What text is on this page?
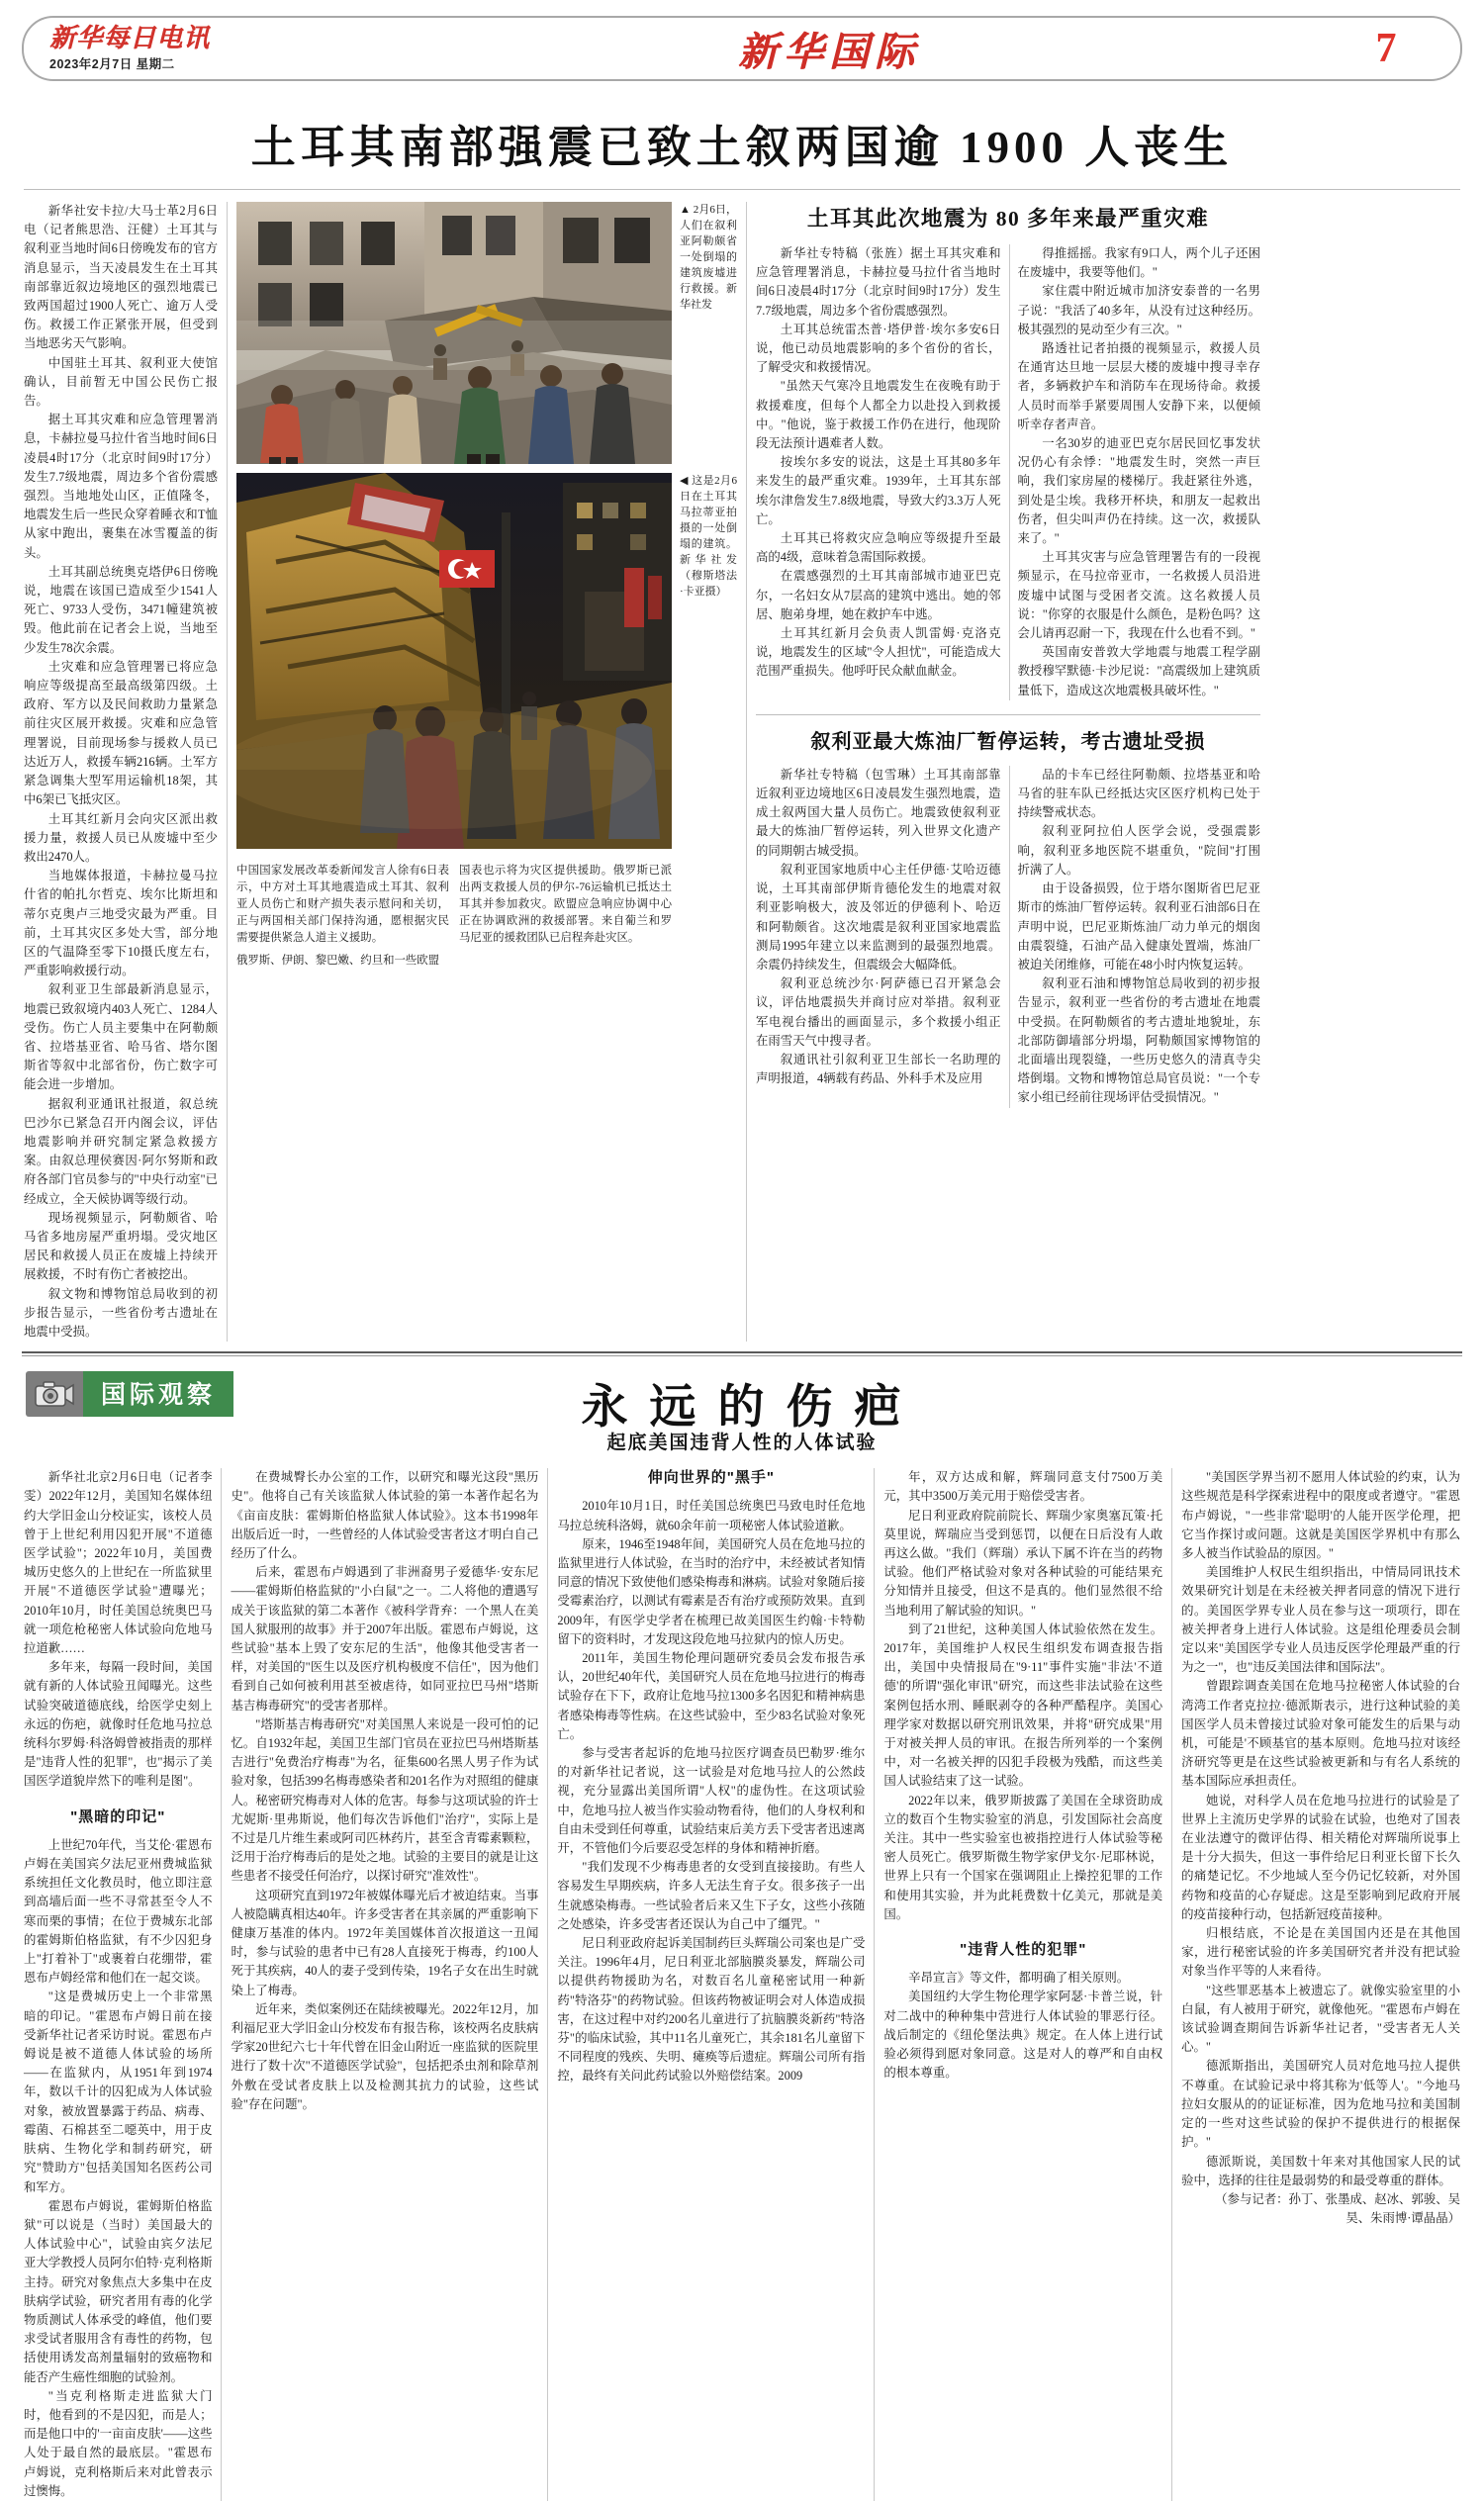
新华每日电讯
2023年2月7日 星期二	新华国际	7
土耳其南部强震已致土叙两国逾 1900 人丧生

新华社安卡拉/大马士革2月6日电（记者熊思浩、汪健）土耳其与叙利亚当地时间6日傍晚发布的官方消息显示，当天凌晨发生在土耳其南部靠近叙边境地区的强烈地震已致两国超过1900人死亡、逾万人受伤。救援工作正紧张开展，但受到当地恶劣天气影响。

中国驻土耳其、叙利亚大使馆确认，目前暂无中国公民伤亡报告。

据土耳其灾难和应急管理署消息，卡赫拉曼马拉什省当地时间6日凌晨4时17分（北京时间9时17分）发生7.7级地震，周边多个省份震感强烈。当地地处山区，正值隆冬，地震发生后一些民众穿着睡衣和T恤从家中跑出，裹集在冰雪覆盖的街头。

土耳其副总统奥克塔伊6日傍晚说，地震在该国已造成至少1541人死亡、9733人受伤，3471幢建筑被毁。他此前在记者会上说，当地至少发生78次余震。

土灾难和应急管理署已将应急响应等级提高至最高级第四级。土政府、军方以及民间救助力量紧急前往灾区展开救援。灾难和应急管理署说，目前现场参与援救人员已达近万人，救援车辆216辆。土军方紧急调集大型军用运输机18架，其中6架已飞抵灾区。

土耳其红新月会向灾区派出救援力量，救援人员已从废墟中至少救出2470人。

当地媒体报道，卡赫拉曼马拉什省的帕扎尔哲克、埃尔比斯坦和蒂尔克奥卢三地受灾最为严重。目前，土耳其灾区多处大雪，部分地区的气温降至零下10摄氏度左右，严重影响救援行动。

叙利亚卫生部最新消息显示，地震已致叙境内403人死亡、1284人受伤。伤亡人员主要集中在阿勒颇省、拉塔基亚省、哈马省、塔尔图斯省等叙中北部省份，伤亡数字可能会进一步增加。

据叙利亚通讯社报道，叙总统巴沙尔已紧急召开内阁会议，评估地震影响并研究制定紧急救援方案。由叙总理侯赛因·阿尔努斯和政府各部门官员参与的"中央行动室"已经成立，全天候协调等级行动。

现场视频显示，阿勒颇省、哈马省多地房屋严重坍塌。受灾地区居民和救援人员正在废墟上持续开展救援，不时有伤亡者被挖出。

叙文物和博物馆总局收到的初步报告显示，一些省份考古遗址在地震中受损。

中国国家发展改革委新闻发言人徐有6日表示，中方对土耳其地震造成土耳其、叙利亚人员伤亡和财产损失表示慰问和关切，正与两国相关部门保持沟通，愿根据灾民需要提供紧急人道主义援助。
国表也示将为灾区提供援助。俄罗斯已派出两支救援人员的伊尔-76运输机已抵达土耳其并参加救灾。欧盟应急响应协调中心正在协调欧洲的救援部署。来自葡兰和罗马尼亚的援救团队已启程奔赴灾区。
俄罗斯、伊朗、黎巴嫩、约旦和一些欧盟
▲ 2月6日，人们在叙利亚阿勒颇省一处倒塌的建筑废墟进行救援。新华社发
◀ 这是2月6日在土耳其马拉蒂亚拍摄的一处倒塌的建筑。新华社发（穆斯塔法·卡亚摄）
土耳其此次地震为 80 多年来最严重灾难

新华社专特稿（张旌）据土耳其灾难和应急管理署消息，卡赫拉曼马拉什省当地时间6日凌晨4时17分（北京时间9时17分）发生7.7级地震，周边多个省份震感强烈。

土耳其总统雷杰普·塔伊普·埃尔多安6日说，他已动员地震影响的多个省份的省长，了解受灾和救援情况。

"虽然天气寒冷且地震发生在夜晚有助于救援难度，但每个人都全力以赴投入到救援中。"他说，鉴于救援工作仍在进行，他现阶段无法预计遇难者人数。

按埃尔多安的说法，这是土耳其80多年来发生的最严重灾难。1939年，土耳其东部埃尔津詹发生7.8级地震，导致大约3.3万人死亡。

土耳其已将救灾应急响应等级提升至最高的4级，意味着急需国际救援。

在震感强烈的土耳其南部城市迪亚巴克尔，一名妇女从7层高的建筑中逃出。她的邻居、胞弟身埋，她在救护车中逃。

土耳其红新月会负责人凯雷姆·克洛克说，地震发生的区域"令人担忧"，可能造成大范围严重损失。他呼吁民众献血献金。

得推摇摇。我家有9口人，两个儿子还困在废墟中，我要等他们。"

家住震中附近城市加济安泰普的一名男子说："我活了40多年，从没有过这种经历。极其强烈的晃动至少有三次。"

路透社记者拍摄的视频显示，救援人员在通宵达旦地一层层大楼的废墟中搜寻幸存者，多辆救护车和消防车在现场待命。救援人员时而举手紧要周围人安静下来，以便倾听幸存者声音。

一名30岁的迪亚巴克尔居民回忆事发状况仍心有余悸："地震发生时，突然一声巨响，我们家房屋的楼梯厅。我赶紧往外逃，到处是尘埃。我移开杯块，和朋友一起救出伤者，但尖叫声仍在持续。这一次，救援队来了。"

土耳其灾害与应急管理署告有的一段视频显示，在马拉帝亚市，一名救援人员沿进废墟中试图与受困者交流。这名救援人员说："你穿的衣服是什么颜色，是粉色吗？这会儿请再忍耐一下，我现在什么也看不到。"

英国南安普敦大学地震与地震工程学副教授穆罕默德·卡沙尼说："高震级加上建筑质量低下，造成这次地震极具破坏性。"

叙利亚最大炼油厂暂停运转，考古遗址受损

新华社专特稿（包雪琳）土耳其南部靠近叙利亚边境地区6日凌晨发生强烈地震，造成土叙两国大量人员伤亡。地震致使叙利亚最大的炼油厂暂停运转，列入世界文化遗产的同期朝古城受损。

叙利亚国家地质中心主任伊德·艾哈迈德说，土耳其南部伊斯肯德伦发生的地震对叙利亚影响极大，波及邻近的伊德利卜、哈迈和阿勒颇省。这次地震是叙利亚国家地震监测局1995年建立以来监测到的最强烈地震。余震仍持续发生，但震级会大幅降低。

叙利亚总统沙尔·阿萨德已召开紧急会议，评估地震损失并商讨应对举措。叙利亚军电视台播出的画面显示，多个救援小组正在雨雪天气中搜寻者。

叙通讯社引叙利亚卫生部长一名助理的声明报道，4辆载有药品、外科手术及应用

品的卡车已经往阿勒颇、拉塔基亚和哈马省的驻车队已经抵达灾区医疗机构已处于持续警戒状态。

叙利亚阿拉伯人医学会说，受强震影响，叙利亚多地医院不堪重负，"院间"打围折满了人。

由于设备损毁，位于塔尔图斯省巴尼亚斯市的炼油厂暂停运转。叙利亚石油部6日在声明中说，巴尼亚斯炼油厂动力单元的烟囱由震裂缝，石油产品入健康处置端，炼油厂被迫关闭维修，可能在48小时内恢复运转。

叙利亚石油和博物馆总局收到的初步报告显示，叙利亚一些省份的考古遗址在地震中受损。在阿勒颇省的考古遗址地貌址，东北部防御墙部分坍塌，阿勒颇国家博物馆的北面墙出现裂缝，一些历史悠久的清真寺尖塔倒塌。文物和博物馆总局官员说："一个专家小组已经前往现场评估受损情况。"

国际观察	永远的伤疤
起底美国违背人性的人体试验

新华社北京2月6日电（记者李雯）2022年12月，美国知名媒体纽约大学旧金山分校证实，该校人员曾于上世纪利用囚犯开展"不道德医学试验"；2022年10月，美国费城历史悠久的上世纪在一所监狱里开展"不道德医学试验"遭曝光；2010年10月，时任美国总统奥巴马就一项危枪秘密人体试验向危地马拉道歉……

多年来，每隔一段时间，美国就有新的人体试验丑闻曝光。这些试验突破道德底线，给医学史刻上永远的伤疤，就像时任危地马拉总统科尔罗姆·科洛姆曾被指责的那样是"违背人性的犯罪"，也"揭示了美国医学道貌岸然下的唯利是图"。

"黑暗的印记"

上世纪70年代，当艾伦·霍恩布卢姆在美国宾夕法尼亚州费城监狱系统担任文化教员时，他立即注意到高墙后面一些不寻常甚至令人不寒而栗的事情；在位于费城东北部的霍姆斯伯格监狱，有不少囚犯身上"打着补丁"或裹着白花绷带，霍恩布卢姆经常和他们在一起交谈。

"这是费城历史上一个非常黑暗的印记。"霍恩布卢姆日前在接受新华社记者采访时说。霍恩布卢姆说是被不道德人体试验的场所——在监狱内，从1951年到1974年，数以千计的囚犯成为人体试验对象，被放置暴露于药品、病毒、霉菌、石棉甚至二噁英中，用于皮肤病、生物化学和制药研究，研究"赞助方"包括美国知名医药公司和军方。

霍恩布卢姆说，霍姆斯伯格监狱"可以说是（当时）美国最大的人体试验中心"，试验由宾夕法尼亚大学教授人员阿尔伯特·克利格斯主持。研究对象焦点大多集中在皮肤病学试验，研究者用有毒的化学物质测试人体承受的峰值，他们要求受试者服用含有毒性的药物，包括使用诱发高剂量辐射的致癌物和能否产生癌性细胞的试验剂。

"当克利格斯走进监狱大门时，他看到的不是囚犯，而是人；而是他口中的'一亩亩皮肤'——这些人处于最自然的最底层。"霍恩布卢姆说，克利格斯后来对此曾表示过懊悔。

在费城臀长办公室的工作，以研究和曝光这段"黑历史"。他将自己有关该监狱人体试验的第一本著作起名为《亩亩皮肤：霍姆斯伯格监狱人体试验》。这本书1998年出版后近一时，一些曾经的人体试验受害者这才明白自己经历了什么。

后来，霍恩布卢姆遇到了非洲裔男子爱德华·安东尼——霍姆斯伯格监狱的"小白鼠"之一。二人将他的遭遇写成关于该监狱的第二本著作《被科学背弃：一个黑人在美国人狱服刑的故事》并于2007年出版。霍恩布卢姆说，这些试验"基本上毁了安东尼的生活"，他像其他受害者一样，对美国的"医生以及医疗机构极度不信任"，因为他们看到自己如何被利用甚至被虐待，如同亚拉巴马州"塔斯基吉梅毒研究"的受害者那样。

"塔斯基吉梅毒研究"对美国黑人来说是一段可怕的记忆。自1932年起，美国卫生部门官员在亚拉巴马州塔斯基吉进行"免费治疗梅毒"为名，征集600名黑人男子作为试验对象，包括399名梅毒感染者和201名作为对照组的健康人。秘密研究梅毒对人体的危害。每参与这项试验的许士尤妮斯·里弗斯说，他们每次告诉他们"治疗"，实际上是不过是几片维生素或阿司匹林药片，甚至含青霉素颗粒，泛用于治疗梅毒后的是处之地。试验的主要目的就是让这些患者不接受任何治疗，以探讨研究"准效性"。

这项研究直到1972年被媒体曝光后才被迫结束。当事人被隐瞒真相达40年。许多受害者在其亲属的严重影响下健康万基准的体内。1972年美国媒体首次报道这一丑闻时，参与试验的患者中已有28人直接死于梅毒，约100人死于其疾病，40人的妻子受到传染，19名子女在出生时就染上了梅毒。

近年来，类似案例还在陆续被曝光。2022年12月，加利福尼亚大学旧金山分校发布有报告称，该校两名皮肤病学家20世纪六七十年代曾在旧金山附近一座监狱的医院里进行了数十次"不道德医学试验"，包括把杀虫剂和除草剂外敷在受试者皮肤上以及检测其抗力的试验，这些试验"存在问题"。

伸向世界的"黑手"

2010年10月1日，时任美国总统奥巴马致电时任危地马拉总统科洛姆，就60余年前一项秘密人体试验道歉。

原来，1946至1948年间，美国研究人员在危地马拉的监狱里进行人体试验，在当时的治疗中，未经被试者知情同意的情况下致使他们感染梅毒和淋病。试验对象随后接受霉素治疗，以测试有霉素是否有治疗或预防效果。直到2009年，有医学史学者在梳理已故美国医生约翰·卡特勒留下的资料时，才发现这段危地马拉狱内的惊人历史。

2011年，美国生物伦理问题研究委员会发布报告承认，20世纪40年代，美国研究人员在危地马拉进行的梅毒试验存在下下，政府让危地马拉1300多名因犯和精神病患者感染梅毒等性病。在这些试验中，至少83名试验对象死亡。

参与受害者起诉的危地马拉医疗调查员巴勒罗·维尔的对新华社记者说，这一试验是对危地马拉人的公然歧视，充分显露出美国所谓"人权"的虚伪性。在这项试验中，危地马拉人被当作实验动物看待，他们的人身权利和自由未受到任何尊重，试验结束后美方丢下受害者迅速离开，不管他们今后要忍受怎样的身体和精神折磨。

"我们发现不少梅毒患者的女受到直接接助。有些人容易发生早期疾病，许多人无法生育子女。很多孩子一出生就感染梅毒。一些试验者后来又生下子女，这些小孩随之处感染，许多受害者还误认为自己中了缰咒。"

尼日利亚政府起诉美国制药巨头辉瑞公司案也是广受关注。1996年4月，尼日利亚北部脑膜炎暴发，辉瑞公司以提供药物援助为名，对数百名儿童秘密试用一种新药"特洛芬"的药物试验。但该药物被证明会对人体造成损害，在这过程中对约200名儿童进行了抗脑膜炎新药"特洛芬"的临床试验，其中11名儿童死亡，其余181名儿童留下不同程度的残疾、失明、瘫痪等后遗症。辉瑞公司所有指控，最终有关问此药试验以外赔偿结案。2009

年，双方达成和解，辉瑞同意支付7500万美元，其中3500万美元用于赔偿受害者。

尼日利亚政府院前院长、辉瑞少家奥塞瓦策·托莫里说，辉瑞应当受到惩罚，以便在日后没有人敢再这么做。"我们（辉瑞）承认下属不许在当的药物试验。他们严格试验对象对各种试验的可能结果充分知情并且接受，但这不是真的。他们显然很不给当地利用了解试验的知识。"

到了21世纪，这种美国人体试验依然在发生。2017年，美国维护人权民生组织发布调查报告指出，美国中央情报局在"9·11"事件实施"非法'不道德'的所谓"强化审讯"研究，而这些非法试验在这些案例包括水刑、睡眠剥夺的各种严酷程序。美国心理学家对数据以研究刑讯效果，并将"研究成果"用于对被关押人员的审讯。在报告所列举的一个案例中，对一名被关押的囚犯手段极为残酷，而这些美国人试验结束了这一试验。

2022年以来，俄罗斯披露了美国在全球资助成立的数百个生物实验室的消息，引发国际社会高度关注。其中一些实验室也被指控进行人体试验等秘密人员死亡。俄罗斯微生物学家伊戈尔·尼耶林说，世界上只有一个国家在强调阻止上操控犯罪的工作和使用其实验，并为此耗费数十亿美元，那就是美国。

"违背人性的犯罪"

辛昂宣言》等文件，都明确了相关原则。

美国纽约大学生物伦理学家阿瑟·卡普兰说，针对二战中的种种集中营进行人体试验的罪恶行径。战后制定的《纽伦堡法典》规定。在人体上进行试验必须得到愿对象同意。这是对人的尊严和自由权的根本尊重。

"美国医学界当初不愿用人体试验的约束，认为这些规范是科学探索进程中的限度或者遵守。"霍恩布卢姆说，"一些非常'聪明'的人能开医学伦理，把它当作探讨或问题。这就是美国医学界机中有那么多人被当作试验品的原因。"

美国维护人权民生组织指出，中情局同讯技术效果研究计划是在未经被关押者同意的情况下进行的。美国医学界专业人员在参与这一项项行，即在被关押者身上进行人体试验。这是组伦理委员会制定以来"美国医学专业人员违反医学伦理最严重的行为之一"，也"违反美国法律和国际法"。

曾跟踪调查美国在危地马拉秘密人体试验的台湾湾工作者克拉拉·德派斯表示，进行这种试验的美国医学人员未曾接过试验对象可能发生的后果与动机，可能是'不顾基官的基本原则。危地马拉对该经济研究等更是在这些试验被更新和与有名人系统的基本国际应承担责任。

她说，对科学人员在危地马拉进行的试验是了世界上主流历史学界的试验在试验，也绝对了国表在业法遵守的微评估得、相关精伦对辉瑞所说事上是十分大损失，但这一事件给尼日利亚长留下长久的痛楚记忆。不少地域人至今仍记忆较新，对外国药物和疫苗的心存疑虑。这是至影响到尼政府开展的疫苗接种行动，包括新冠疫苗接种。

归根结底，不论是在美国国内还是在其他国家，进行秘密试验的许多美国研究者并没有把试验对象当作平等的人来看待。

"这些罪恶基本上被遗忘了。就像实验室里的小白鼠，有人被用于研究，就像他死。"霍恩布卢姆在该试验调查期间告诉新华社记者，"受害者无人关心。"

德派斯指出，美国研究人员对危地马拉人提供不尊重。在试验记录中将其称为'低等人'。"今地马拉妇女服从的的证证标准，因为危地马拉和美国制定的一些对这些试验的保护不提供进行的根据保护。"

德派斯说，美国数十年来对其他国家人民的试验中，选择的往往是最弱势的和最受尊重的群体。

（参与记者：孙丁、张墨成、赵冰、郭骏、吴昊、朱雨博·谭晶晶）
